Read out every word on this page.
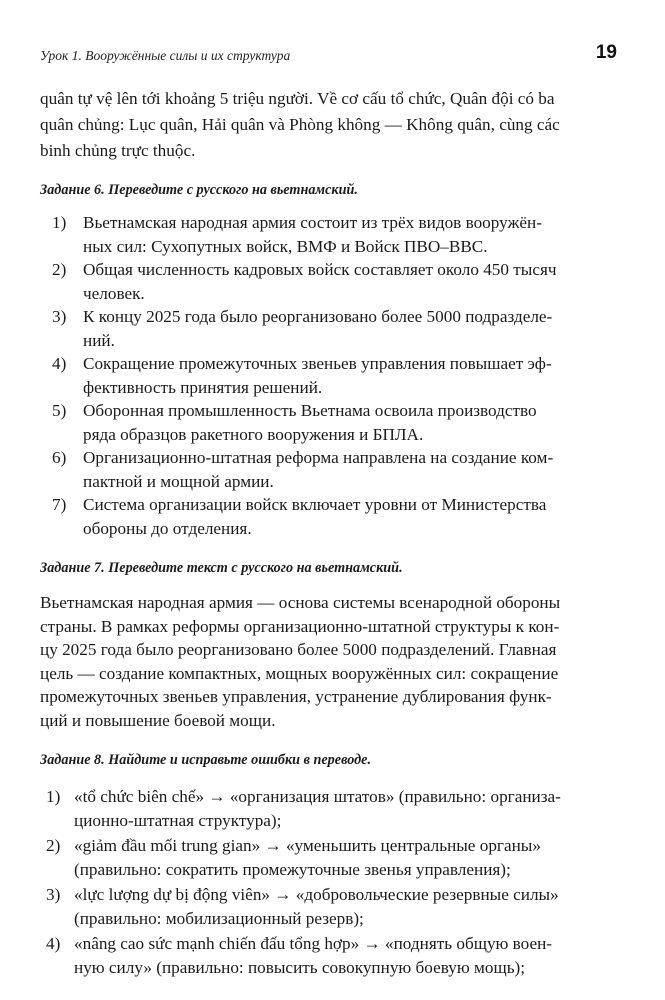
Урок 1. Вооружённые силы и их структура	19
quân tự vệ lên tới khoảng 5 triệu người. Về cơ cấu tổ chức, Quân đội có ba
quân chủng: Lục quân, Hải quân và Phòng không — Không quân, cùng các
binh chủng trực thuộc.
Задание 6. Переведите с русского на вьетнамский.
1) Вьетнамская народная армия состоит из трёх видов вооружён-
ных сил: Сухопутных войск, ВМФ и Войск ПВО–ВВС.
2) Общая численность кадровых войск составляет около 450 тысяч
человек.
3) К концу 2025 года было реорганизовано более 5000 подразделе-
ний.
4) Сокращение промежуточных звеньев управления повышает эф-
фективность принятия решений.
5) Оборонная промышленность Вьетнама освоила производство
ряда образцов ракетного вооружения и БПЛА.
6) Организационно-штатная реформа направлена на создание ком-
пактной и мощной армии.
7) Система организации войск включает уровни от Министерства
обороны до отделения.
Задание 7. Переведите текст с русского на вьетнамский.
Вьетнамская народная армия — основа системы всенародной обороны
страны. В рамках реформы организационно-штатной структуры к кон-
цу 2025 года было реорганизовано более 5000 подразделений. Главная
цель — создание компактных, мощных вооружённых сил: сокращение
промежуточных звеньев управления, устранение дублирования функ-
ций и повышение боевой мощи.
Задание 8. Найдите и исправьте ошибки в переводе.
1) «tổ chức biên chế» → «организация штатов» (правильно: организа-
ционно-штатная структура);
2) «giảm đầu mối trung gian» → «уменьшить центральные органы»
(правильно: сократить промежуточные звенья управления);
3) «lực lượng dự bị động viên» → «добровольческие резервные силы»
(правильно: мобилизационный резерв);
4) «nâng cao sức mạnh chiến đấu tổng hợp» → «поднять общую воен-
ную силу» (правильно: повысить совокупную боевую мощь);
